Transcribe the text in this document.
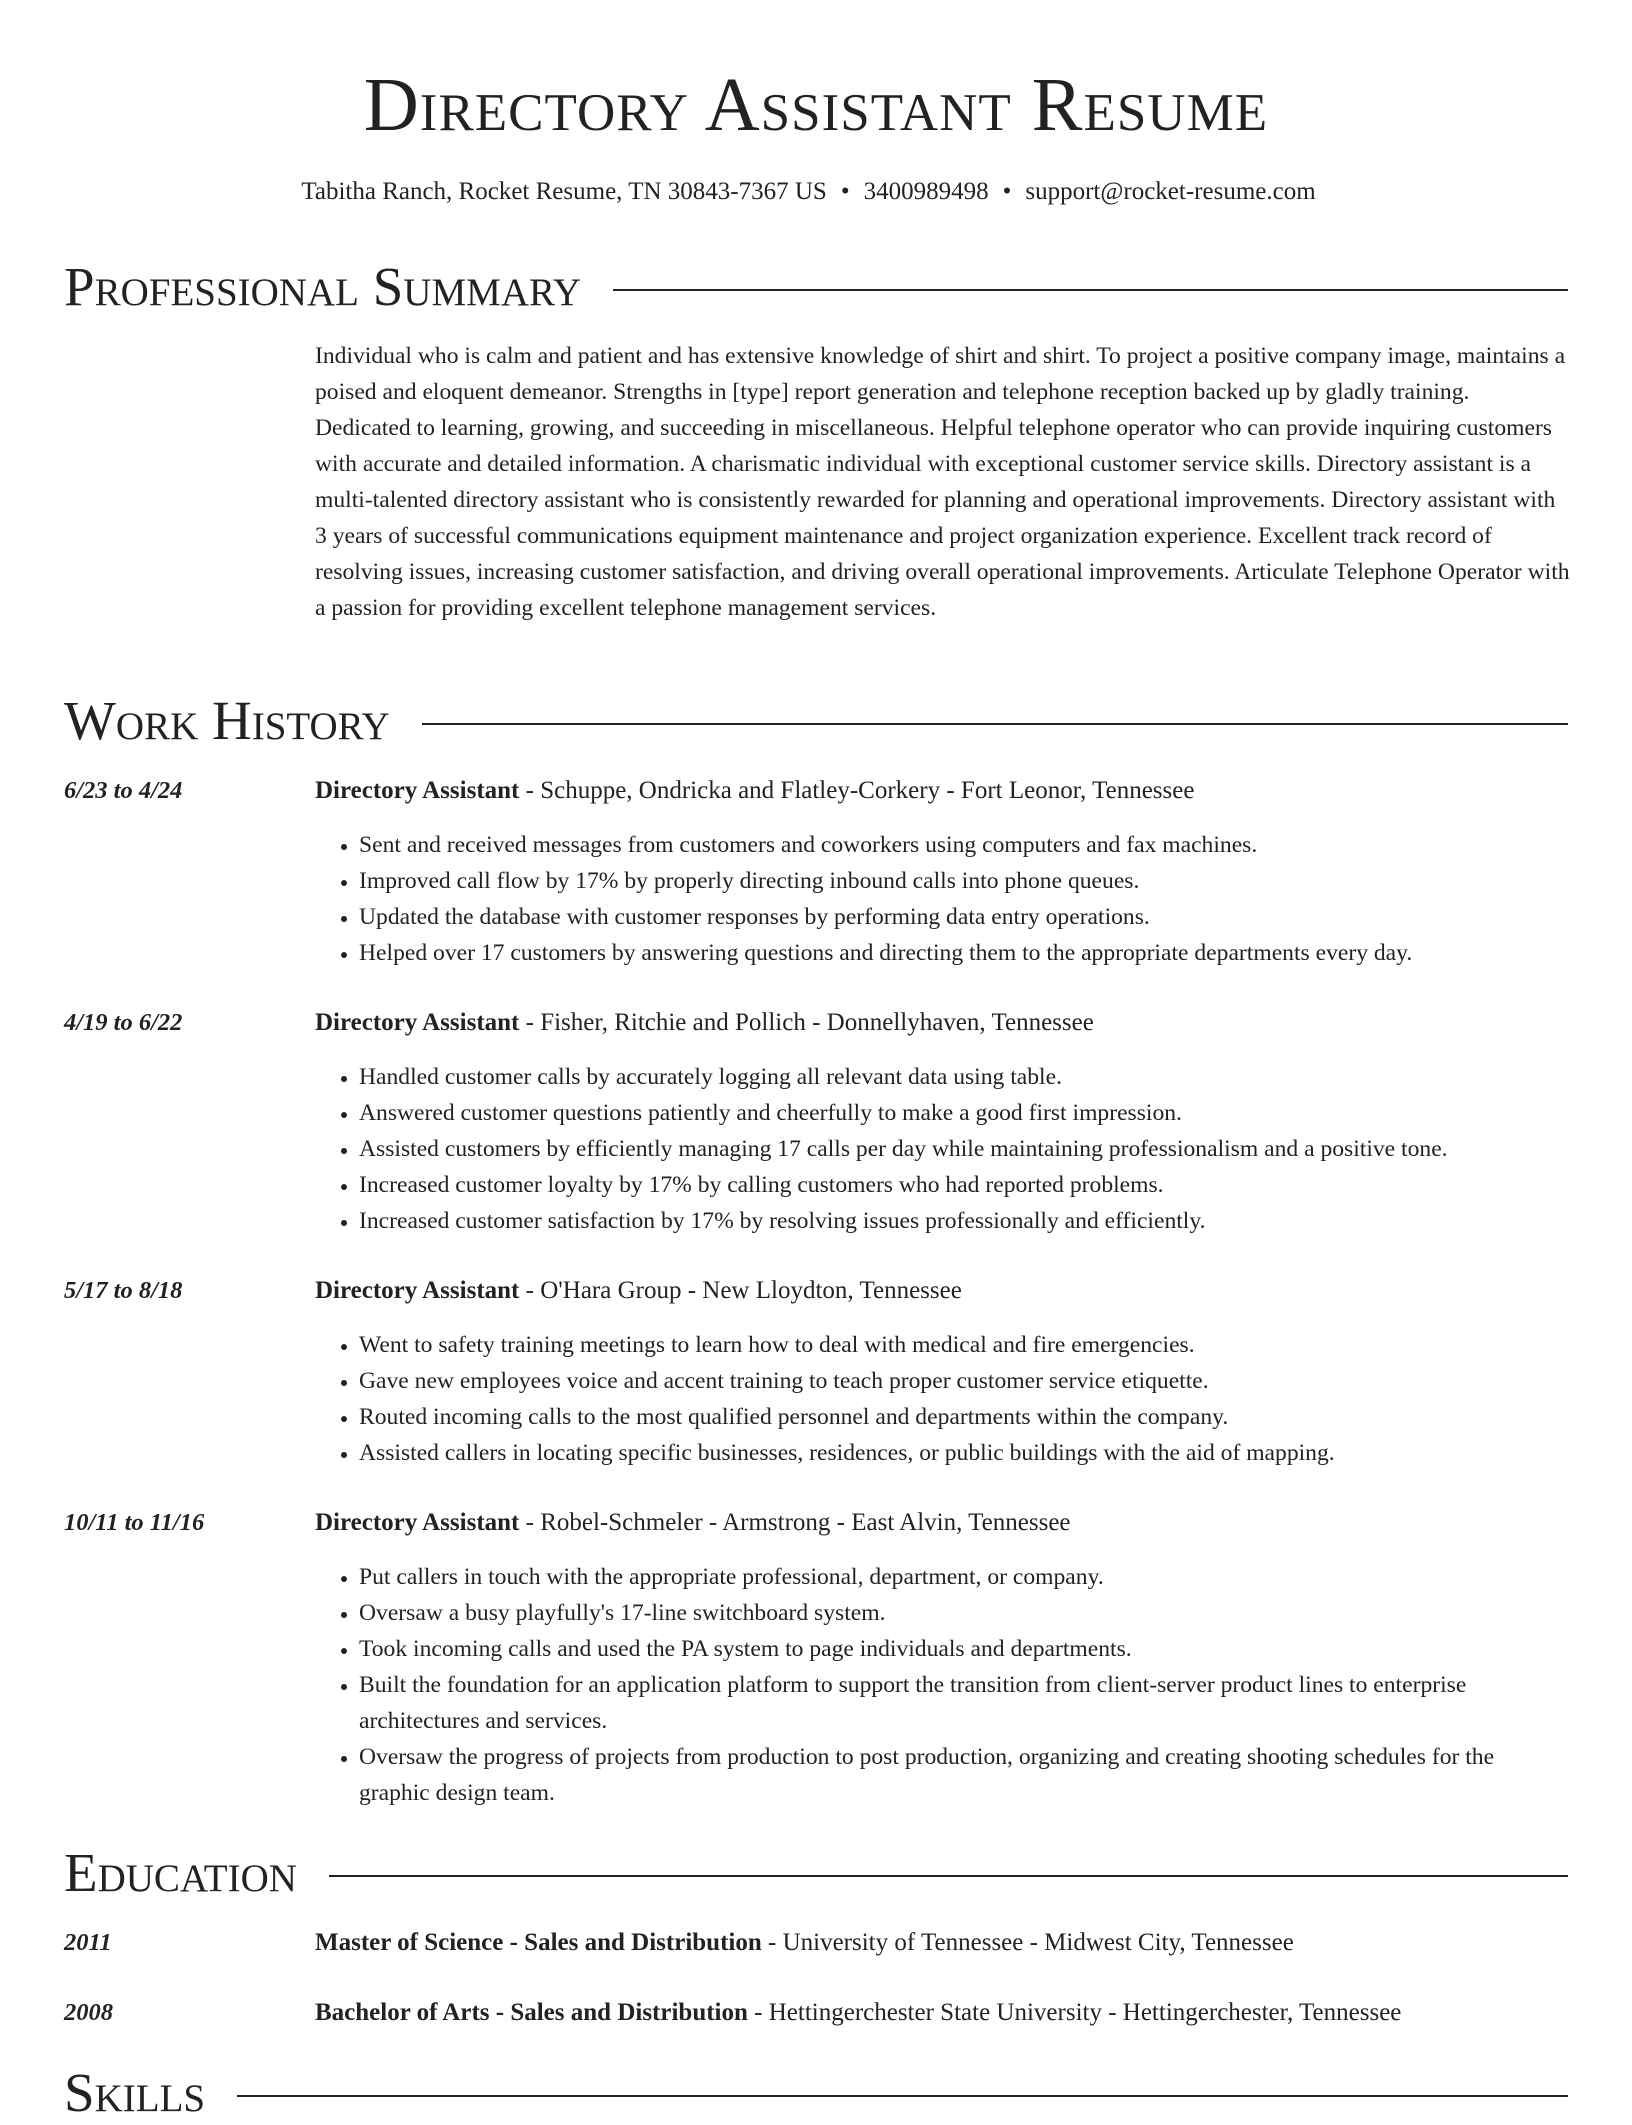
Directory Assistant Resume
Tabitha Ranch, Rocket Resume, TN 30843-7367 US • 3400989498 • support@rocket-resume.com
Professional Summary

Individual who is calm and patient and has extensive knowledge of shirt and shirt. To project a positive company image, maintains a poised and eloquent demeanor. Strengths in [type] report generation and telephone reception backed up by gladly training. Dedicated to learning, growing, and succeeding in miscellaneous. Helpful telephone operator who can provide inquiring customers with accurate and detailed information. A charismatic individual with exceptional customer service skills. Directory assistant is a multi-talented directory assistant who is consistently rewarded for planning and operational improvements. Directory assistant with 3 years of successful communications equipment maintenance and project organization experience. Excellent track record of resolving issues, increasing customer satisfaction, and driving overall operational improvements. Articulate Telephone Operator with a passion for providing excellent telephone management services.

Work History
6/23 to 4/24	Directory Assistant - Schuppe, Ondricka and Flatley-Corkery - Fort Leonor, Tennessee
• Sent and received messages from customers and coworkers using computers and fax machines.
• Improved call flow by 17% by properly directing inbound calls into phone queues.
• Updated the database with customer responses by performing data entry operations.
• Helped over 17 customers by answering questions and directing them to the appropriate departments every day.
4/19 to 6/22	Directory Assistant - Fisher, Ritchie and Pollich - Donnellyhaven, Tennessee
• Handled customer calls by accurately logging all relevant data using table.
• Answered customer questions patiently and cheerfully to make a good first impression.
• Assisted customers by efficiently managing 17 calls per day while maintaining professionalism and a positive tone.
• Increased customer loyalty by 17% by calling customers who had reported problems.
• Increased customer satisfaction by 17% by resolving issues professionally and efficiently.
5/17 to 8/18	Directory Assistant - O'Hara Group - New Lloydton, Tennessee
• Went to safety training meetings to learn how to deal with medical and fire emergencies.
• Gave new employees voice and accent training to teach proper customer service etiquette.
• Routed incoming calls to the most qualified personnel and departments within the company.
• Assisted callers in locating specific businesses, residences, or public buildings with the aid of mapping.
10/11 to 11/16	Directory Assistant - Robel-Schmeler - Armstrong - East Alvin, Tennessee
• Put callers in touch with the appropriate professional, department, or company.
• Oversaw a busy playfully's 17-line switchboard system.
• Took incoming calls and used the PA system to page individuals and departments.
• Built the foundation for an application platform to support the transition from client-server product lines to enterprise architectures and services.
• Oversaw the progress of projects from production to post production, organizing and creating shooting schedules for the graphic design team.
Education
2011	Master of Science - Sales and Distribution - University of Tennessee - Midwest City, Tennessee
2008	Bachelor of Arts - Sales and Distribution - Hettingerchester State University - Hettingerchester, Tennessee
Skills
